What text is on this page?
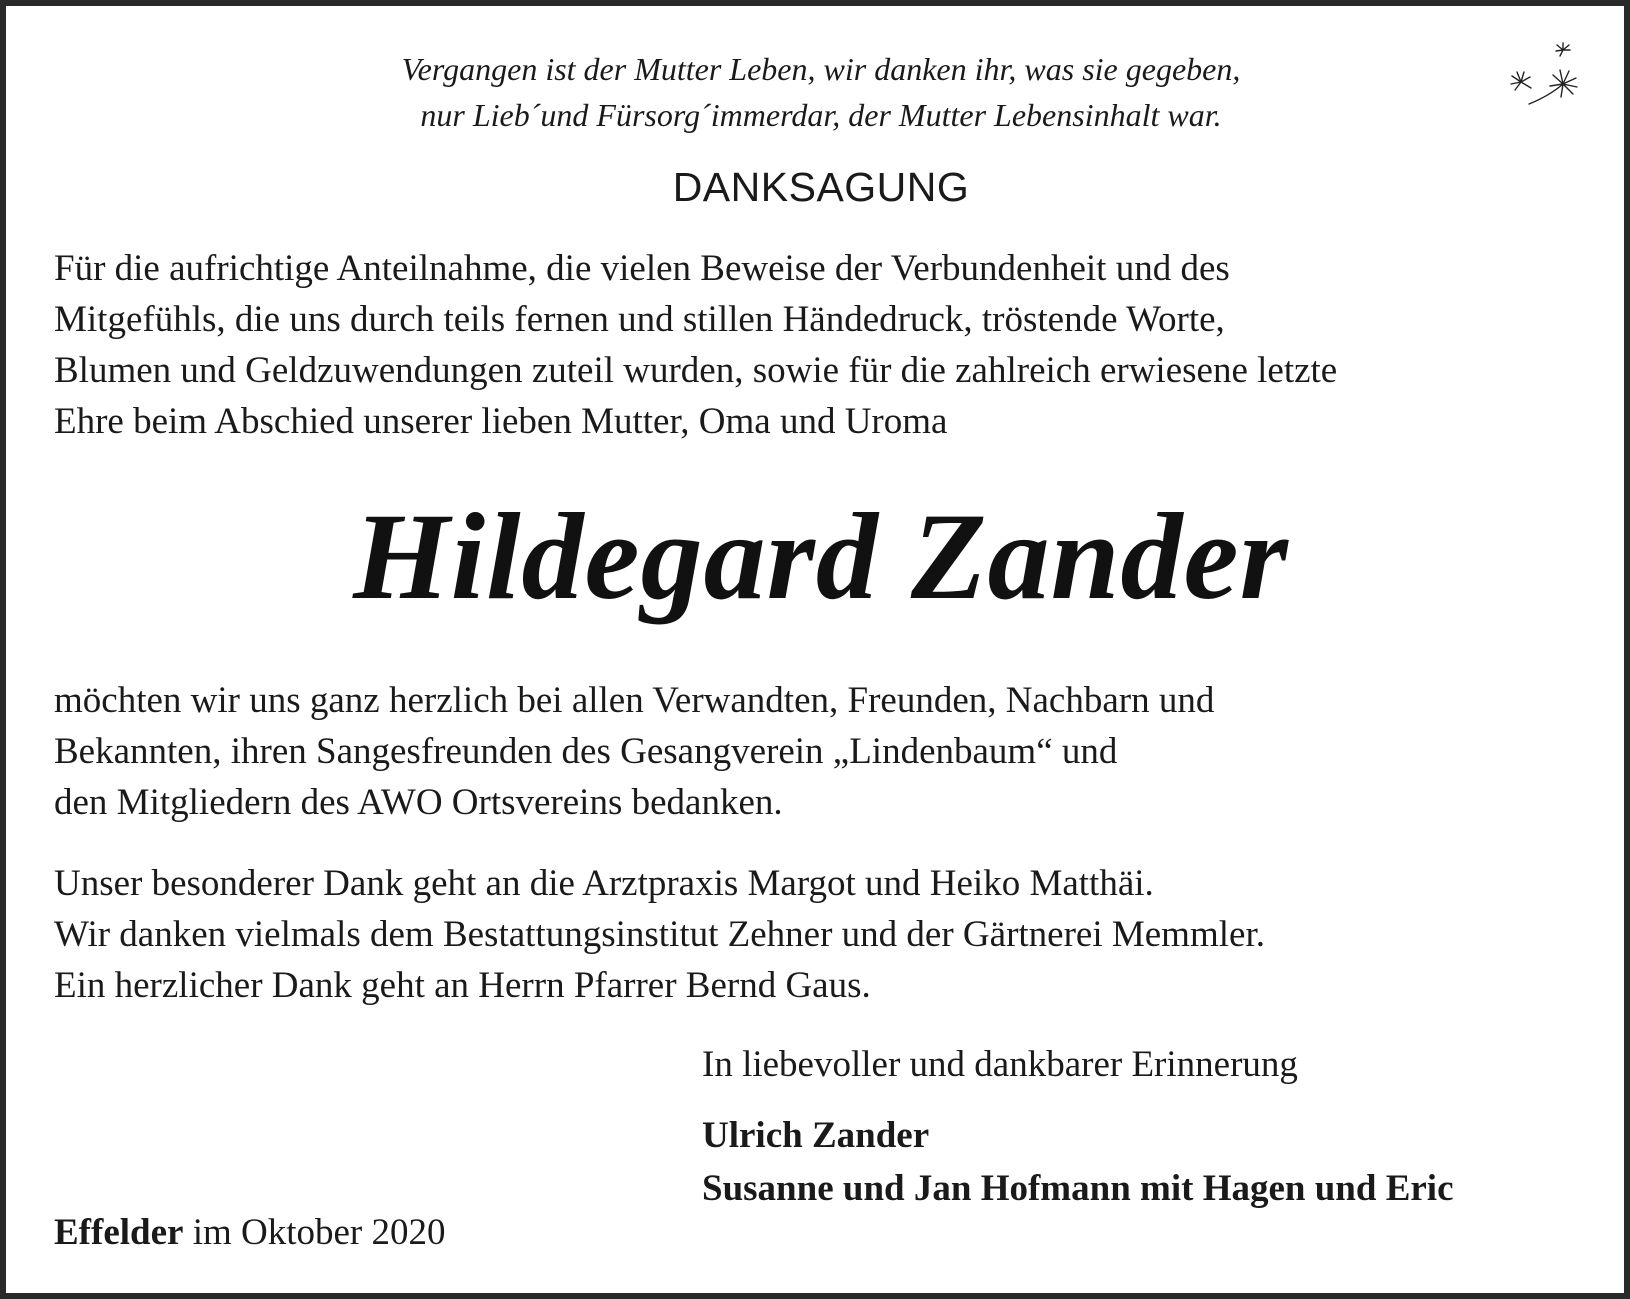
Vergangen ist der Mutter Leben, wir danken ihr, was sie gegeben,
nur Lieb´und Fürsorg´immerdar, der Mutter Lebensinhalt war.
DANKSAGUNG
Für die aufrichtige Anteilnahme, die vielen Beweise der Verbundenheit und des
Mitgefühls, die uns durch teils fernen und stillen Händedruck, tröstende Worte,
Blumen und Geldzuwendungen zuteil wurden, sowie für die zahlreich erwiesene letzte
Ehre beim Abschied unserer lieben Mutter, Oma und Uroma
Hildegard Zander
möchten wir uns ganz herzlich bei allen Verwandten, Freunden, Nachbarn und
Bekannten, ihren Sangesfreunden des Gesangverein „Lindenbaum“ und
den Mitgliedern des AWO Ortsvereins bedanken.
Unser besonderer Dank geht an die Arztpraxis Margot und Heiko Matthäi.
Wir danken vielmals dem Bestattungsinstitut Zehner und der Gärtnerei Memmler.
Ein herzlicher Dank geht an Herrn Pfarrer Bernd Gaus.
In liebevoller und dankbarer Erinnerung
Ulrich Zander
Susanne und Jan Hofmann mit Hagen und Eric
Effelder im Oktober 2020
